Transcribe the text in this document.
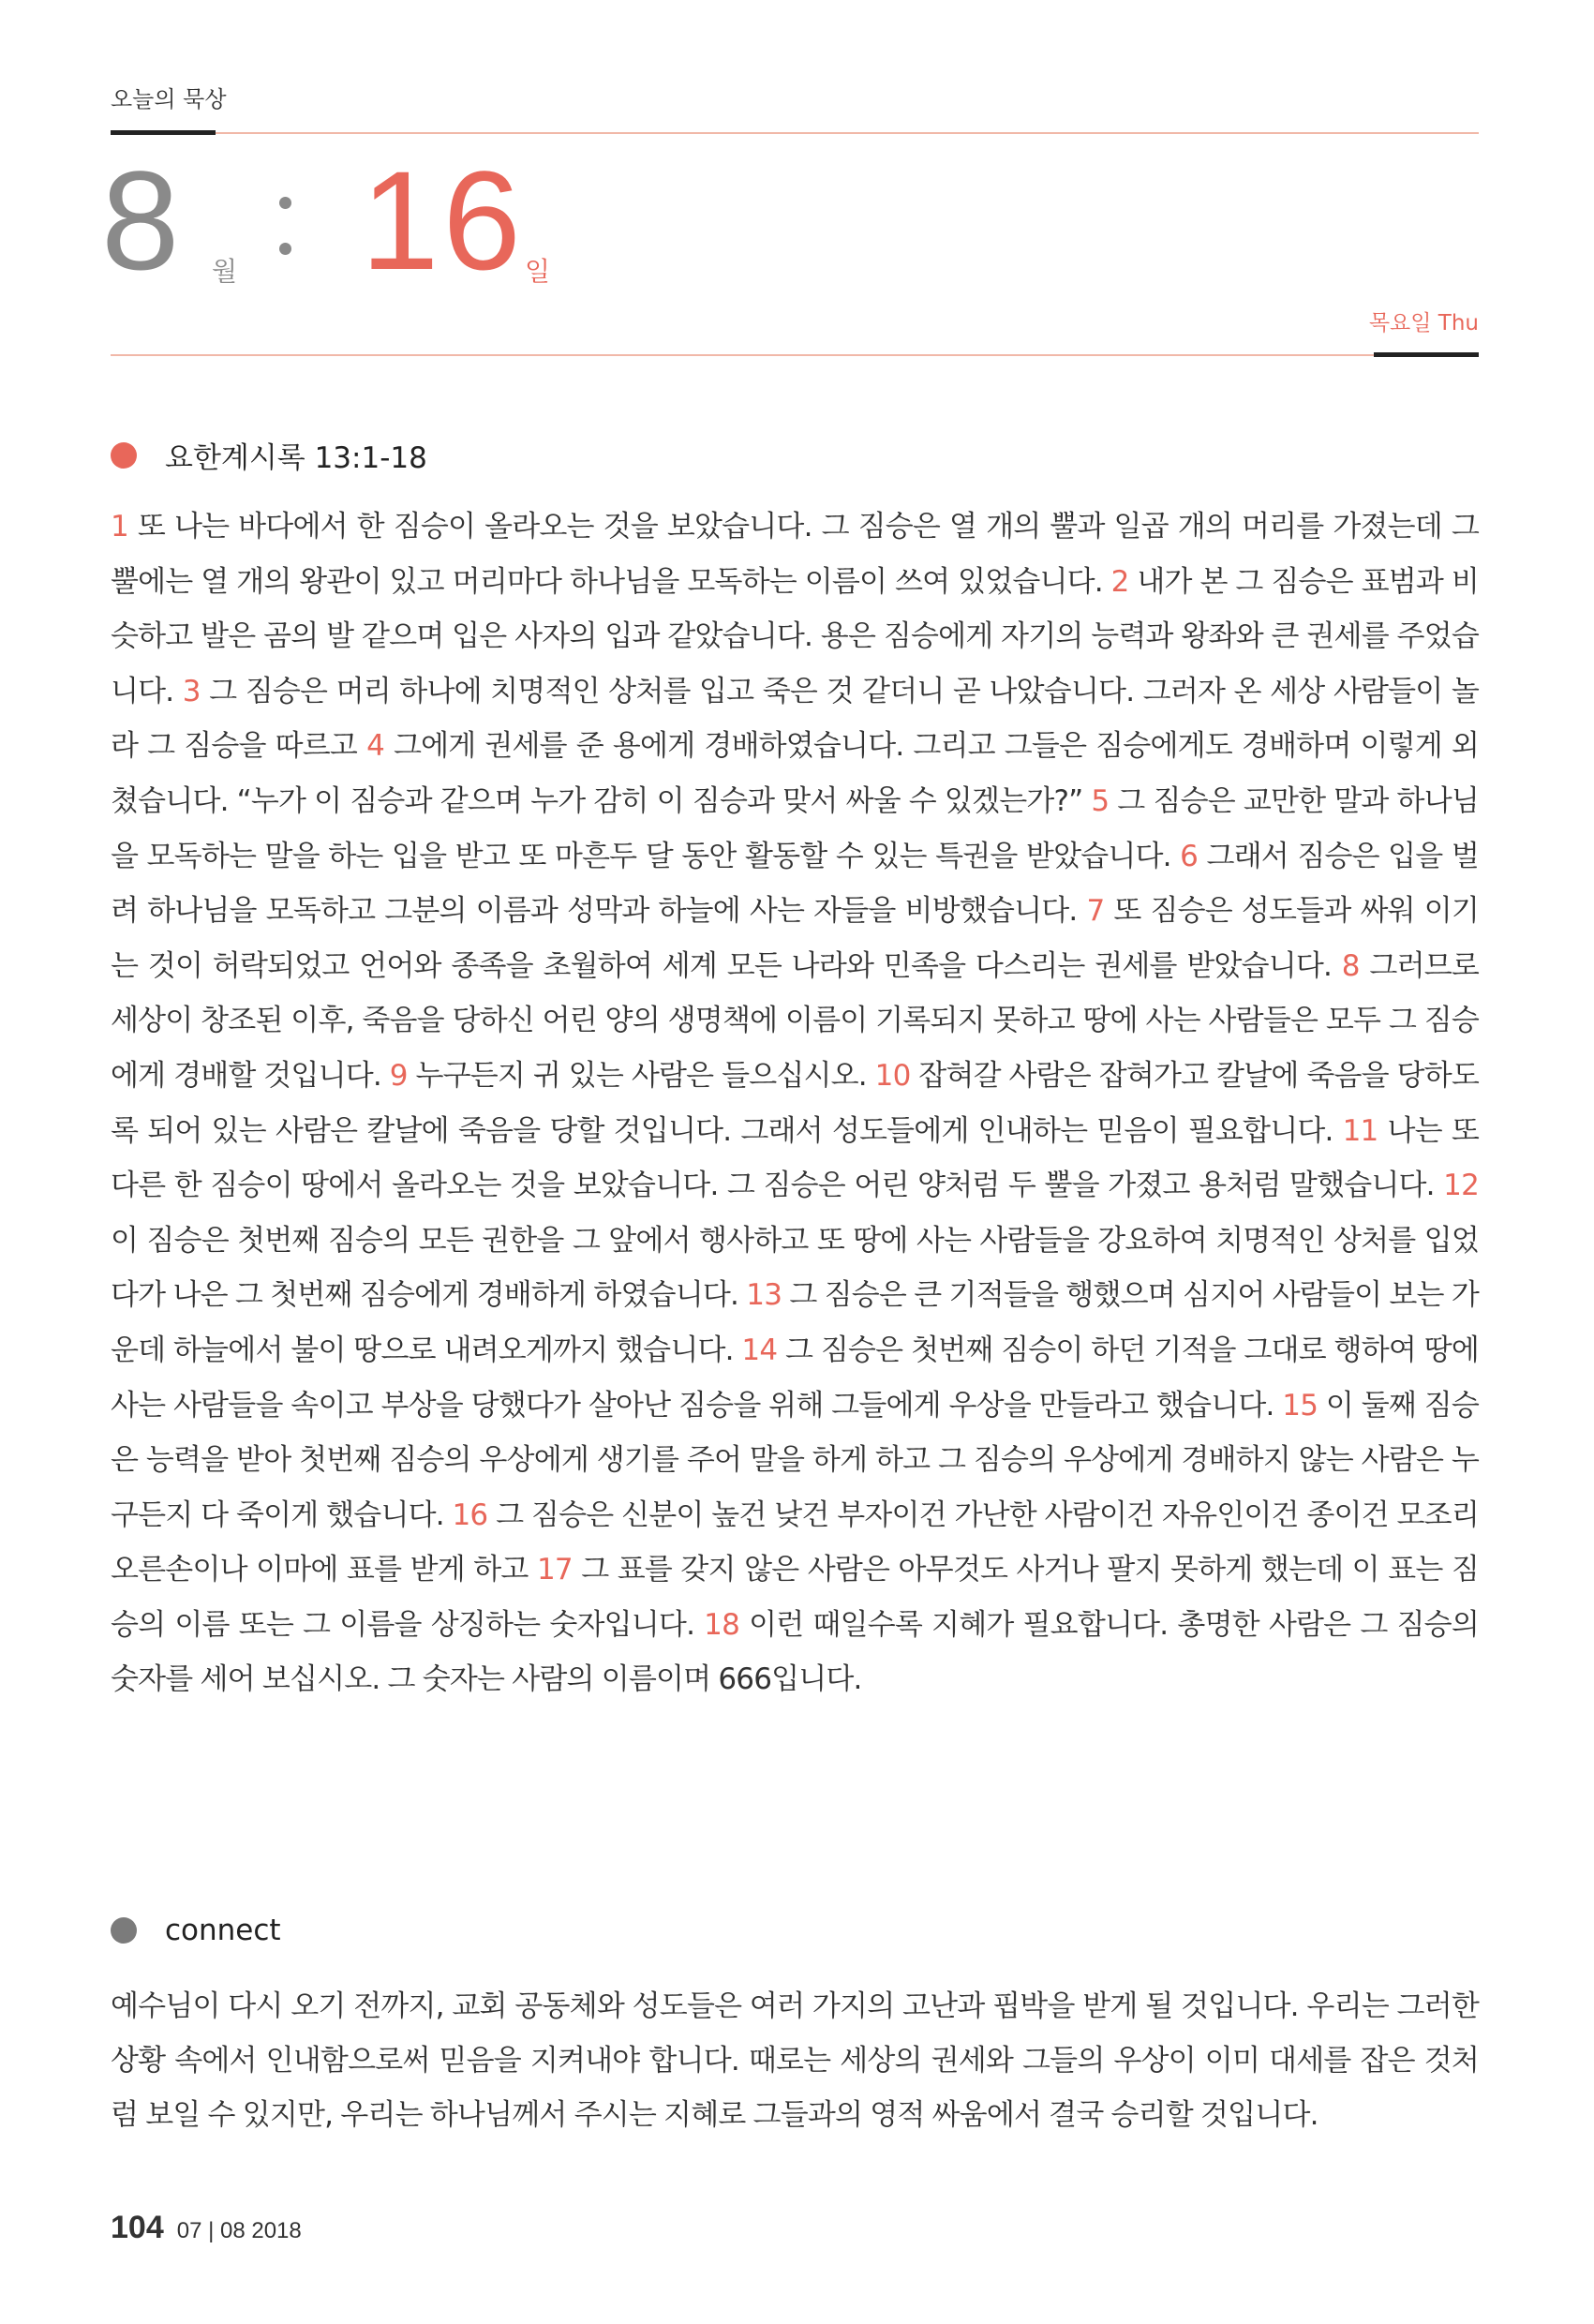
오늘의 묵상
8 월 16 일
목요일 Thu
요한계시록 13:1-18
1 또 나는 바다에서 한 짐승이 올라오는 것을 보았습니다. 그 짐승은 열 개의 뿔과 일곱 개의 머리를 가졌는데 그 뿔에는 열 개의 왕관이 있고 머리마다 하나님을 모독하는 이름이 쓰여 있었습니다. 2 내가 본 그 짐승은 표범과 비슷하고 발은 곰의 발 같으며 입은 사자의 입과 같았습니다. 용은 짐승에게 자기의 능력과 왕좌와 큰 권세를 주었습니다. 3 그 짐승은 머리 하나에 치명적인 상처를 입고 죽은 것 같더니 곧 나았습니다. 그러자 온 세상 사람들이 놀라 그 짐승을 따르고 4 그에게 권세를 준 용에게 경배하였습니다. 그리고 그들은 짐승에게도 경배하며 이렇게 외쳤습니다. “누가 이 짐승과 같으며 누가 감히 이 짐승과 맞서 싸울 수 있겠는가?” 5 그 짐승은 교만한 말과 하나님을 모독하는 말을 하는 입을 받고 또 마흔두 달 동안 활동할 수 있는 특권을 받았습니다. 6 그래서 짐승은 입을 벌려 하나님을 모독하고 그분의 이름과 성막과 하늘에 사는 자들을 비방했습니다. 7 또 짐승은 성도들과 싸워 이기는 것이 허락되었고 언어와 종족을 초월하여 세계 모든 나라와 민족을 다스리는 권세를 받았습니다. 8 그러므로 세상이 창조된 이후, 죽음을 당하신 어린 양의 생명책에 이름이 기록되지 못하고 땅에 사는 사람들은 모두 그 짐승에게 경배할 것입니다. 9 누구든지 귀 있는 사람은 들으십시오. 10 잡혀갈 사람은 잡혀가고 칼날에 죽음을 당하도록 되어 있는 사람은 칼날에 죽음을 당할 것입니다. 그래서 성도들에게 인내하는 믿음이 필요합니다. 11 나는 또 다른 한 짐승이 땅에서 올라오는 것을 보았습니다. 그 짐승은 어린 양처럼 두 뿔을 가졌고 용처럼 말했습니다. 12 이 짐승은 첫번째 짐승의 모든 권한을 그 앞에서 행사하고 또 땅에 사는 사람들을 강요하여 치명적인 상처를 입었다가 나은 그 첫번째 짐승에게 경배하게 하였습니다. 13 그 짐승은 큰 기적들을 행했으며 심지어 사람들이 보는 가운데 하늘에서 불이 땅으로 내려오게까지 했습니다. 14 그 짐승은 첫번째 짐승이 하던 기적을 그대로 행하여 땅에 사는 사람들을 속이고 부상을 당했다가 살아난 짐승을 위해 그들에게 우상을 만들라고 했습니다. 15 이 둘째 짐승은 능력을 받아 첫번째 짐승의 우상에게 생기를 주어 말을 하게 하고 그 짐승의 우상에게 경배하지 않는 사람은 누구든지 다 죽이게 했습니다. 16 그 짐승은 신분이 높건 낮건 부자이건 가난한 사람이건 자유인이건 종이건 모조리 오른손이나 이마에 표를 받게 하고 17 그 표를 갖지 않은 사람은 아무것도 사거나 팔지 못하게 했는데 이 표는 짐승의 이름 또는 그 이름을 상징하는 숫자입니다. 18 이런 때일수록 지혜가 필요합니다. 총명한 사람은 그 짐승의 숫자를 세어 보십시오. 그 숫자는 사람의 이름이며 666입니다.
connect
예수님이 다시 오기 전까지, 교회 공동체와 성도들은 여러 가지의 고난과 핍박을 받게 될 것입니다. 우리는 그러한 상황 속에서 인내함으로써 믿음을 지켜내야 합니다. 때로는 세상의 권세와 그들의 우상이 이미 대세를 잡은 것처럼 보일 수 있지만, 우리는 하나님께서 주시는 지혜로 그들과의 영적 싸움에서 결국 승리할 것입니다.
104 07 | 08 2018
